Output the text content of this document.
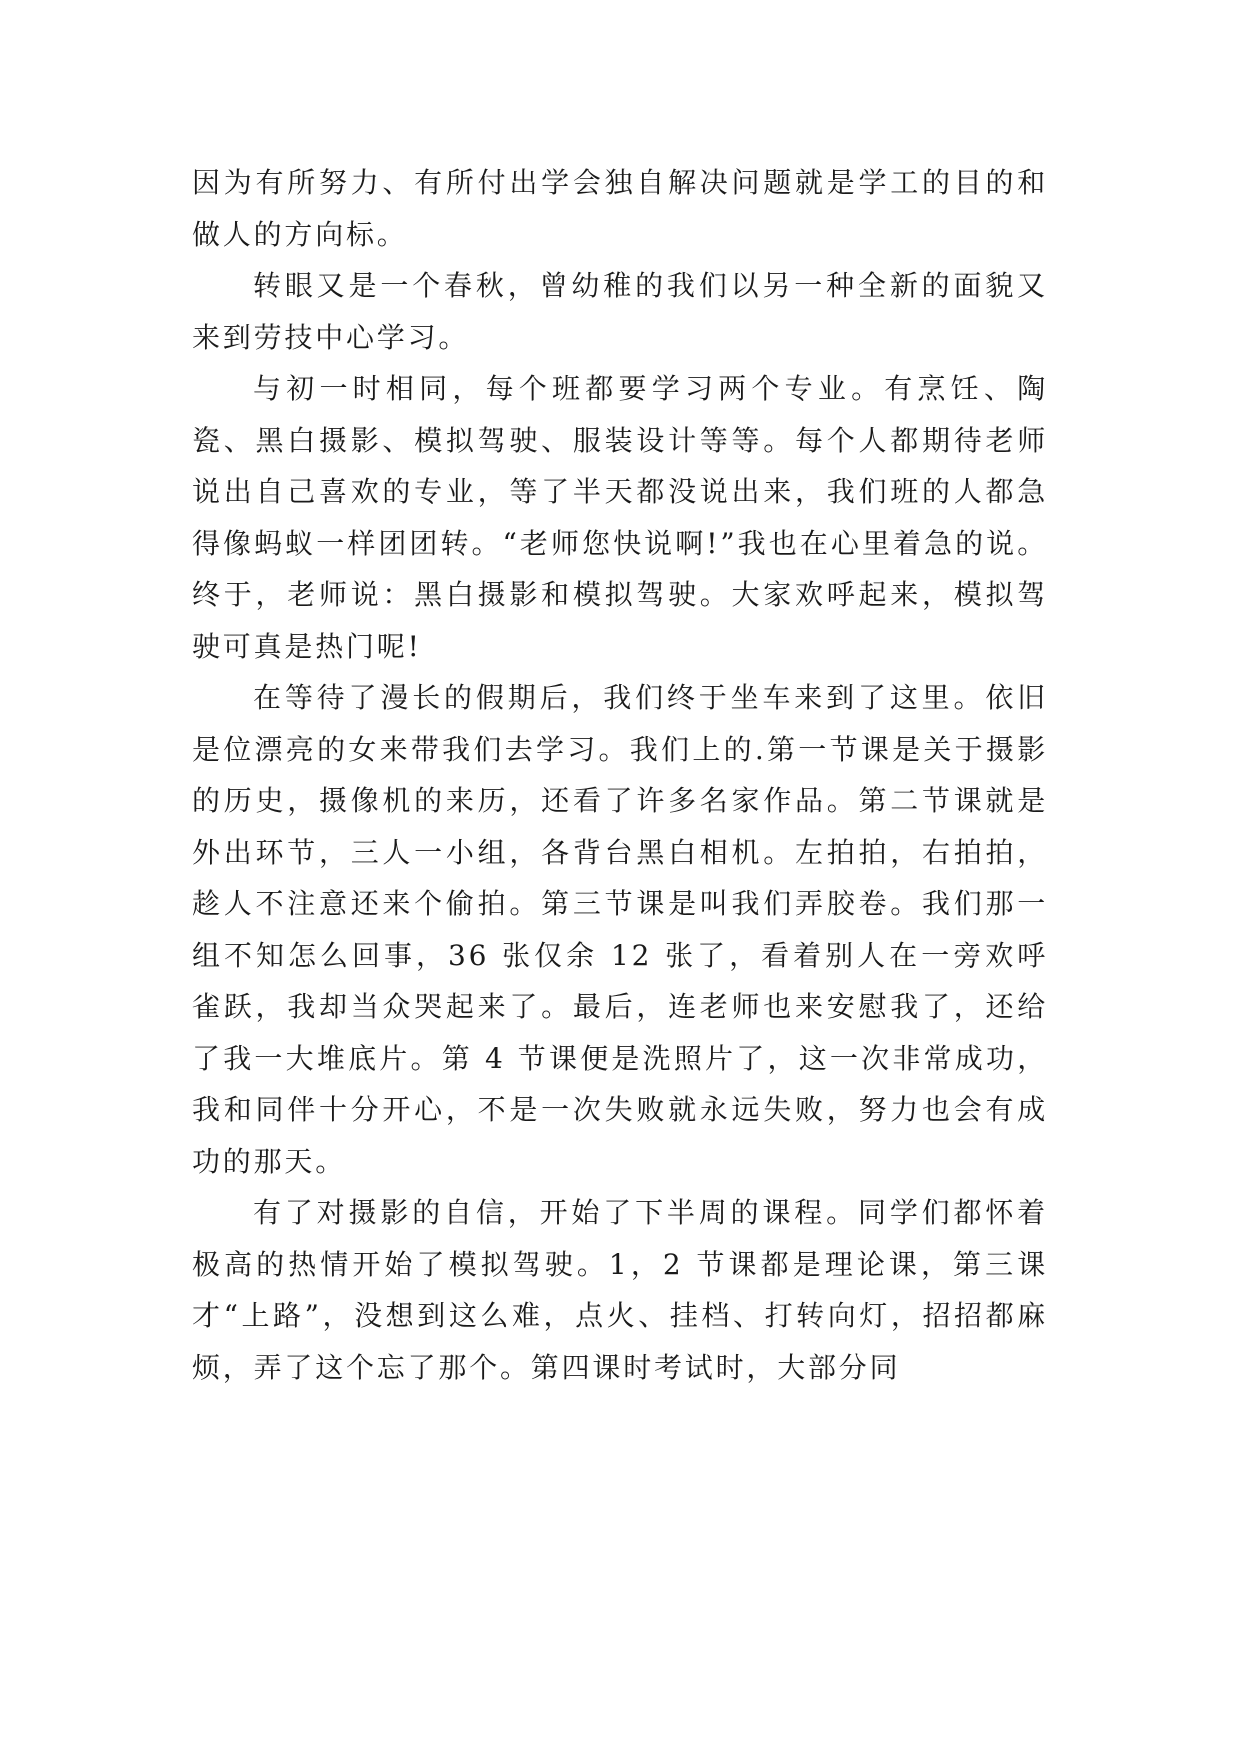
因为有所努力、有所付出学会独自解决问题就是学工的目的和做人的方向标。

转眼又是一个春秋，曾幼稚的我们以另一种全新的面貌又来到劳技中心学习。

与初一时相同，每个班都要学习两个专业。有烹饪、陶瓷、黑白摄影、模拟驾驶、服装设计等等。每个人都期待老师说出自己喜欢的专业，等了半天都没说出来，我们班的人都急得像蚂蚁一样团团转。“老师您快说啊!”我也在心里着急的说。终于，老师说：黑白摄影和模拟驾驶。大家欢呼起来，模拟驾驶可真是热门呢!

在等待了漫长的假期后，我们终于坐车来到了这里。依旧是位漂亮的女来带我们去学习。我们上的.第一节课是关于摄影的历史，摄像机的来历，还看了许多名家作品。第二节课就是外出环节，三人一小组，各背台黑白相机。左拍拍，右拍拍，趁人不注意还来个偷拍。第三节课是叫我们弄胶卷。我们那一组不知怎么回事，36 张仅余 12 张了，看着别人在一旁欢呼雀跃，我却当众哭起来了。最后，连老师也来安慰我了，还给了我一大堆底片。第 4 节课便是洗照片了，这一次非常成功，我和同伴十分开心，不是一次失败就永远失败，努力也会有成功的那天。

有了对摄影的自信，开始了下半周的课程。同学们都怀着极高的热情开始了模拟驾驶。1，2 节课都是理论课，第三课才“上路”，没想到这么难，点火、挂档、打转向灯，招招都麻烦，弄了这个忘了那个。第四课时考试时，大部分同
